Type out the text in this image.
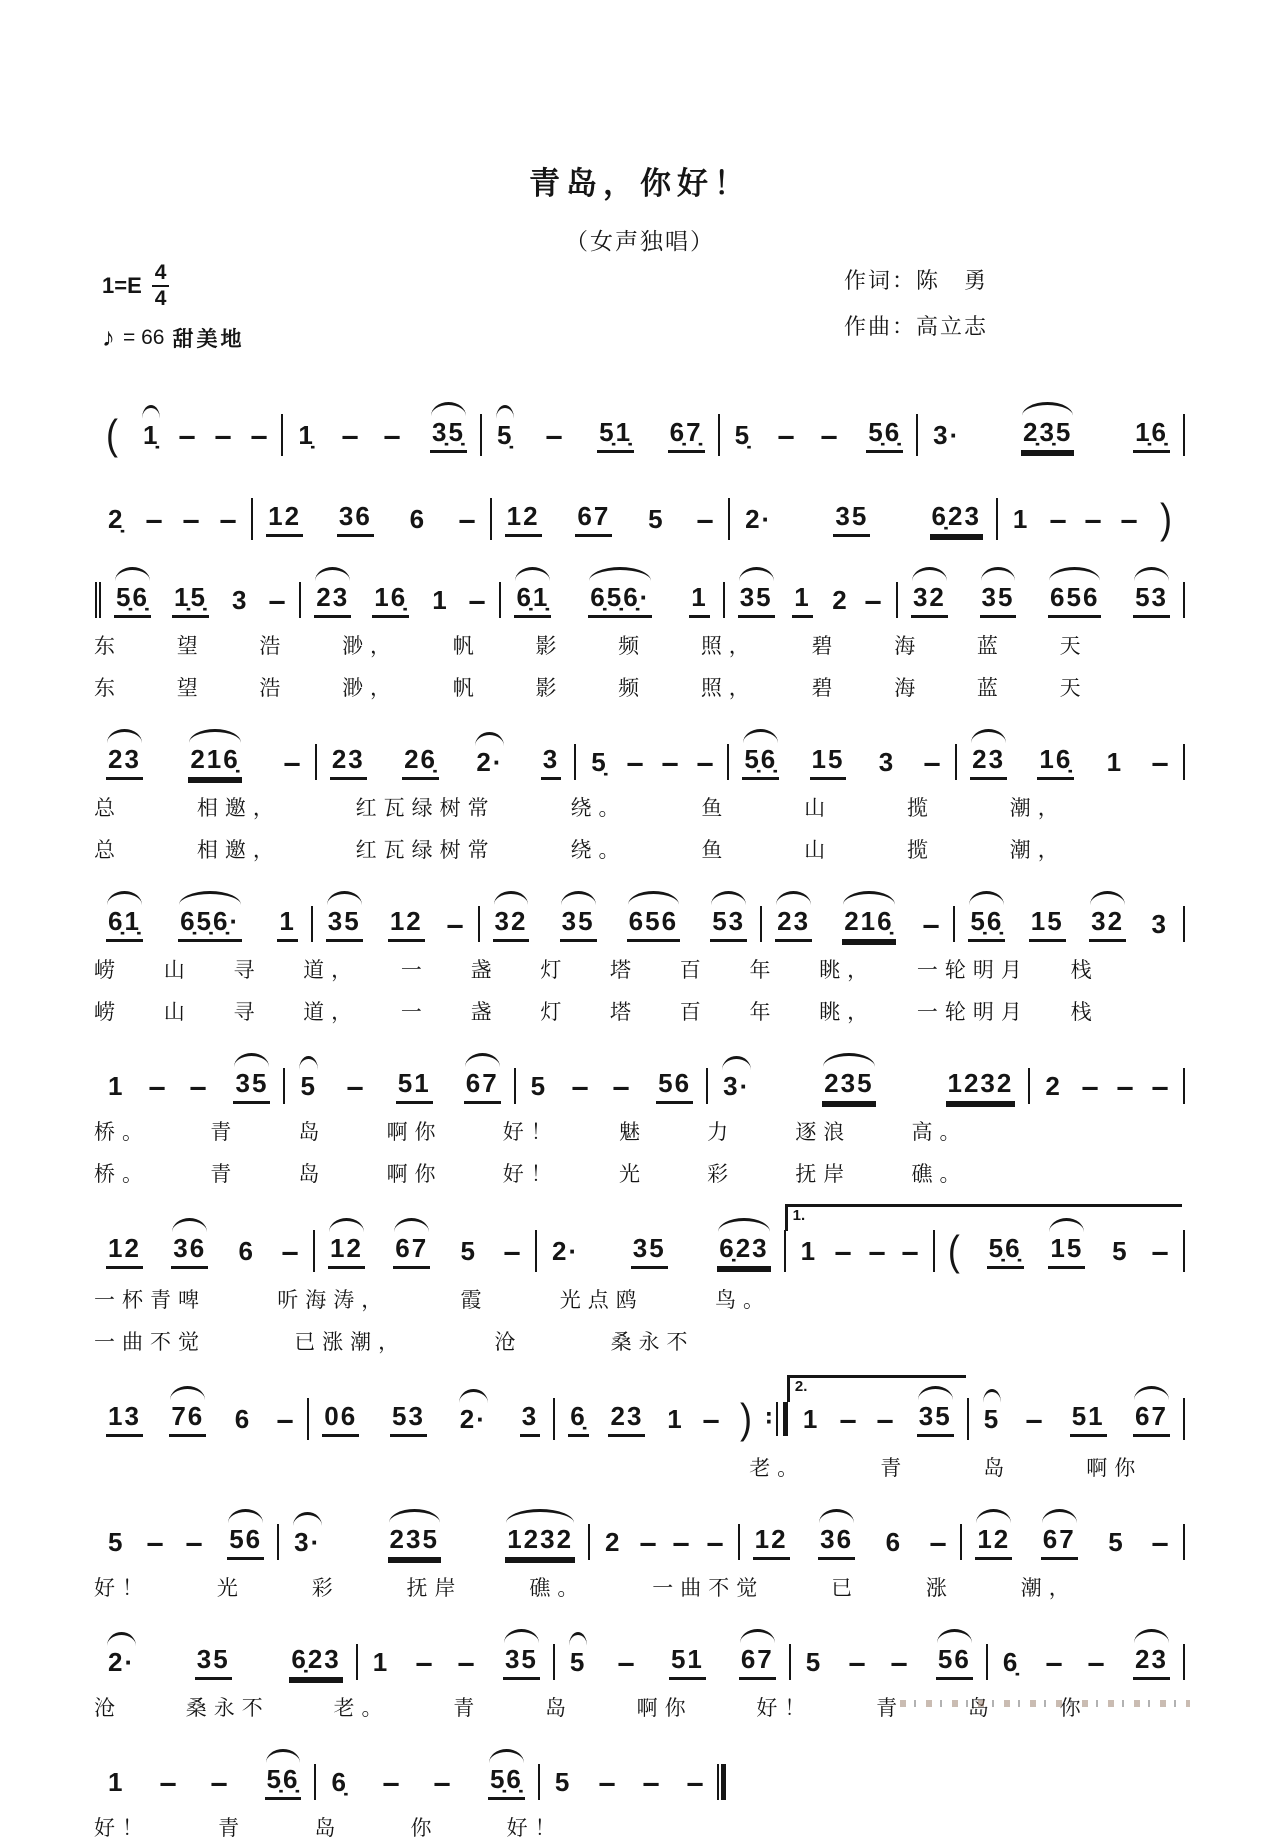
青岛，你好！
（女声独唱）
1=E
4
4
♪ = 66 甜美地
作词：陈　勇
作曲：高立志
( 1̣ - - - 1̣ - - 3̣5̣ 5̣ - 5̣1̣ 6̣7̣ 5̣ - - 5̣6̣ 3· 2̣3̣5 1̣6̣
2̣ - - - 12 36 6 - 12 67 5 - 2· 35 6̣23 1 - - - )
5̣6̣ 1̣5̣ 3 - 23 16̣ 1 - 6̣1̣ 6̣5̣6̣· 1 35 1 2 - 32 35 656 53
东	望	浩	渺，	帆	影	频	照，	碧	海	蓝	天
东	望	浩	渺，	帆	影	频	照，	碧	海	蓝	天
23 216̣ - 23 26̣ 2· 3 5̣ - - - 5̣6̣ 15 3 - 23 16̣ 1 -
总	相邀，	红瓦绿树常	绕。	鱼	山	揽	潮，
总	相邀，	红瓦绿树常	绕。	鱼	山	揽	潮，
6̣1̣ 6̣5̣6̣· 1 35 12 - 32 35 656 53 23 216̣ - 5̣6̣ 15 32 3
崂 山 寻 道， 一 盏 灯 塔 百 年 眺， 一轮明月 栈
崂 山 寻 道， 一 盏 灯 塔 百 年 眺， 一轮明月 栈
1 - - 35 5 - 51 67 5 - - 56 3·	235	1232 2 - - -
桥。	青	岛	啊你	好！	魅	力	逐浪	高。
桥。	青	岛	啊你	好！	光	彩	抚岸	礁。
12 36 6 - 12 67 5 - 2· 35 6̣23
1.
1 - - - ( 5̣6̣ 15 5 -
一杯青啤	听海涛，	霞	光点鸥	鸟。
一曲不觉	已涨潮，	沧	桑永不
13 76 6 - 06 53 2· 3 6̣ 23 1 - ) ∶
2.
1 - - 35 5 - 51 67
老。	青	岛	啊你
5 - - 56 3·	235	1232 2 - - - 12 36 6 - 12 67 5 -
好！	光	彩	抚岸	礁。	一曲不觉	已	涨	潮，
2· 35 6̣23 1 - - 35 5 - 51 67 5 - - 56 6̣ - - 23
沧	桑永不	老。	青	岛	啊你	好！	青	岛	你
1 - - 5̣6̣ 6̣ - - 5̣6̣ 5 - - -
好！	青	岛	你	好！
